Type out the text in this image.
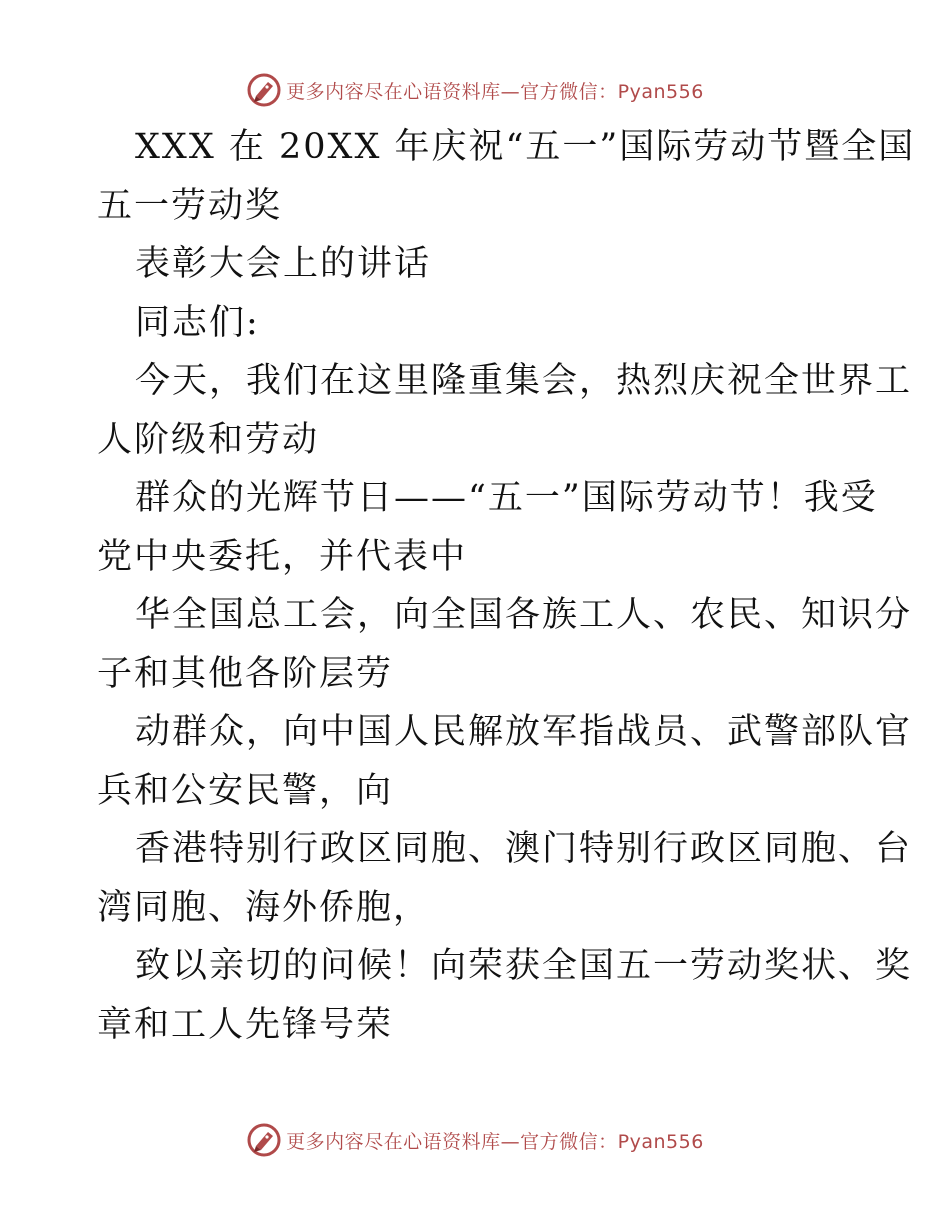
更多内容尽在心语资料库—官方微信：Pyan556
XXX 在 20XX 年庆祝“五一”国际劳动节暨全国
五一劳动奖
表彰大会上的讲话
同志们:
今天，我们在这里隆重集会，热烈庆祝全世界工
人阶级和劳动
群众的光辉节日——“五一”国际劳动节！我受
党中央委托，并代表中
华全国总工会，向全国各族工人、农民、知识分
子和其他各阶层劳
动群众，向中国人民解放军指战员、武警部队官
兵和公安民警，向
香港特别行政区同胞、澳门特别行政区同胞、台
湾同胞、海外侨胞，
致以亲切的问候！向荣获全国五一劳动奖状、奖
章和工人先锋号荣
更多内容尽在心语资料库—官方微信：Pyan556
